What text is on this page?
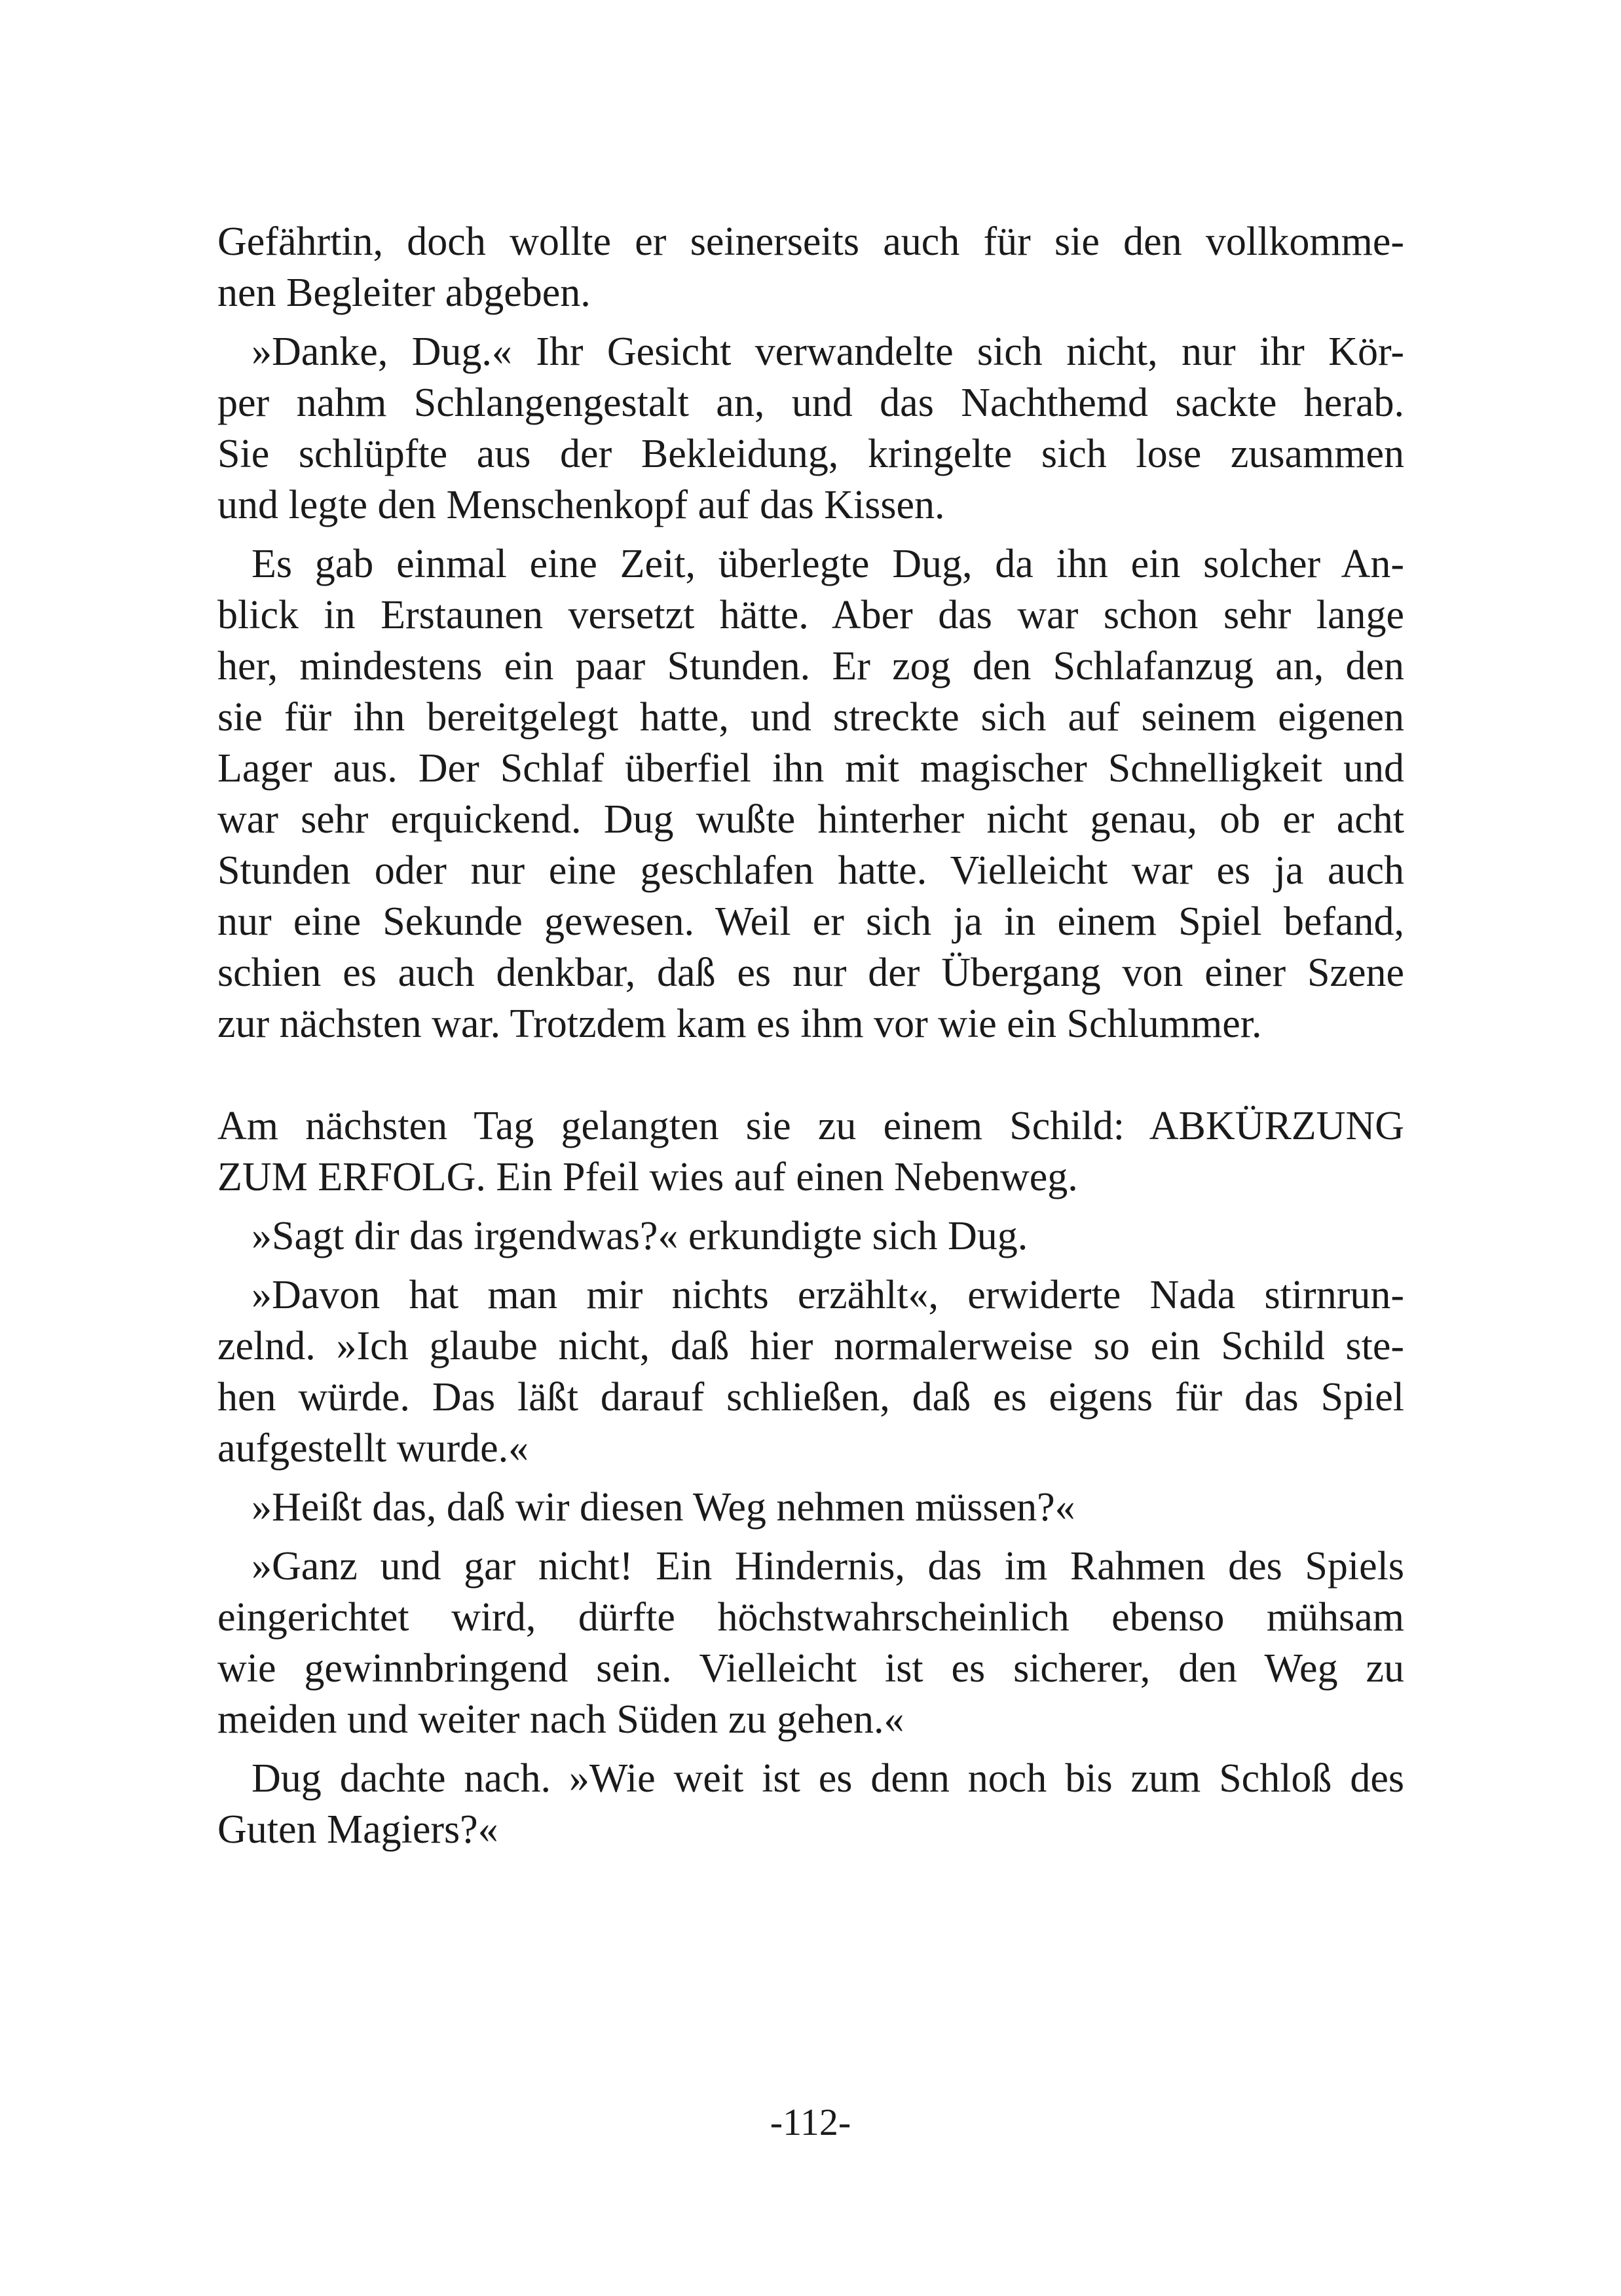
Gefährtin, doch wollte er seinerseits auch für sie den vollkomme-
nen Begleiter abgeben.

»Danke, Dug.« Ihr Gesicht verwandelte sich nicht, nur ihr Kör-
per nahm Schlangengestalt an, und das Nachthemd sackte herab.
Sie schlüpfte aus der Bekleidung, kringelte sich lose zusammen
und legte den Menschenkopf auf das Kissen.

Es gab einmal eine Zeit, überlegte Dug, da ihn ein solcher An-
blick in Erstaunen versetzt hätte. Aber das war schon sehr lange
her, mindestens ein paar Stunden. Er zog den Schlafanzug an, den
sie für ihn bereitgelegt hatte, und streckte sich auf seinem eigenen
Lager aus. Der Schlaf überfiel ihn mit magischer Schnelligkeit und
war sehr erquickend. Dug wußte hinterher nicht genau, ob er acht
Stunden oder nur eine geschlafen hatte. Vielleicht war es ja auch
nur eine Sekunde gewesen. Weil er sich ja in einem Spiel befand,
schien es auch denkbar, daß es nur der Übergang von einer Szene
zur nächsten war. Trotzdem kam es ihm vor wie ein Schlummer.

Am nächsten Tag gelangten sie zu einem Schild: ABKÜRZUNG
ZUM ERFOLG. Ein Pfeil wies auf einen Nebenweg.

»Sagt dir das irgendwas?« erkundigte sich Dug.

»Davon hat man mir nichts erzählt«, erwiderte Nada stirnrun-
zelnd. »Ich glaube nicht, daß hier normalerweise so ein Schild ste-
hen würde. Das läßt darauf schließen, daß es eigens für das Spiel
aufgestellt wurde.«

»Heißt das, daß wir diesen Weg nehmen müssen?«

»Ganz und gar nicht! Ein Hindernis, das im Rahmen des Spiels
eingerichtet wird, dürfte höchstwahrscheinlich ebenso mühsam
wie gewinnbringend sein. Vielleicht ist es sicherer, den Weg zu
meiden und weiter nach Süden zu gehen.«

Dug dachte nach. »Wie weit ist es denn noch bis zum Schloß des
Guten Magiers?«

-112-
